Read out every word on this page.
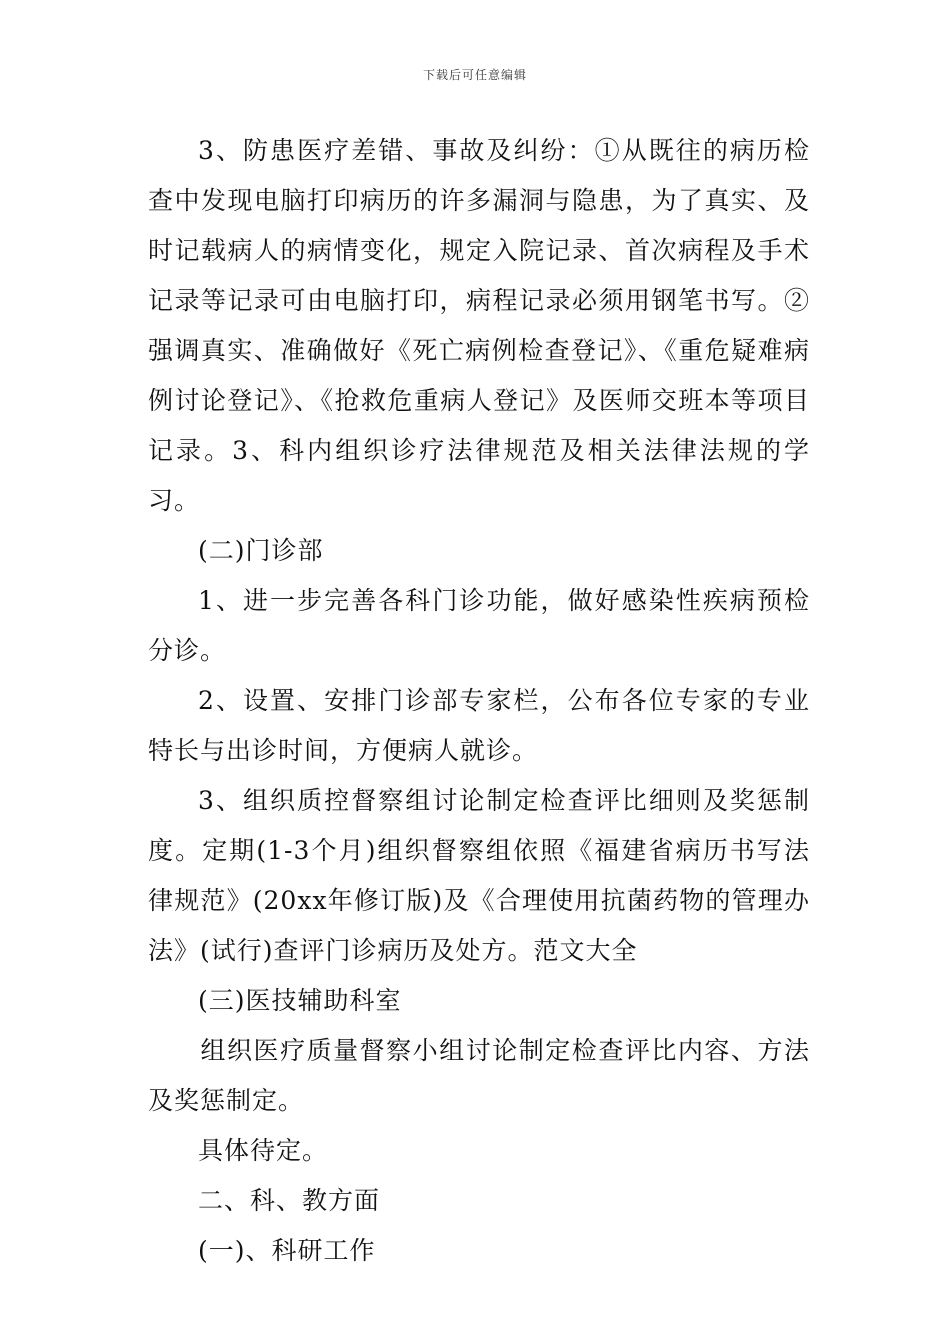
下载后可任意编辑

3、防患医疗差错、事故及纠纷：①从既往的病历检查中发现电脑打印病历的许多漏洞与隐患，为了真实、及时记载病人的病情变化，规定入院记录、首次病程及手术记录等记录可由电脑打印，病程记录必须用钢笔书写。②强调真实、准确做好《死亡病例检查登记》、《重危疑难病例讨论登记》、《抢救危重病人登记》及医师交班本等项目记录。3、科内组织诊疗法律规范及相关法律法规的学习。

(二)门诊部

1、进一步完善各科门诊功能，做好感染性疾病预检分诊。

2、设置、安排门诊部专家栏，公布各位专家的专业特长与出诊时间，方便病人就诊。

3、组织质控督察组讨论制定检查评比细则及奖惩制度。定期(1-3个月)组织督察组依照《福建省病历书写法律规范》(20xx年修订版)及《合理使用抗菌药物的管理办法》(试行)查评门诊病历及处方。范文大全

(三)医技辅助科室

组织医疗质量督察小组讨论制定检查评比内容、方法及奖惩制定。

具体待定。

二、科、教方面

(一)、科研工作
